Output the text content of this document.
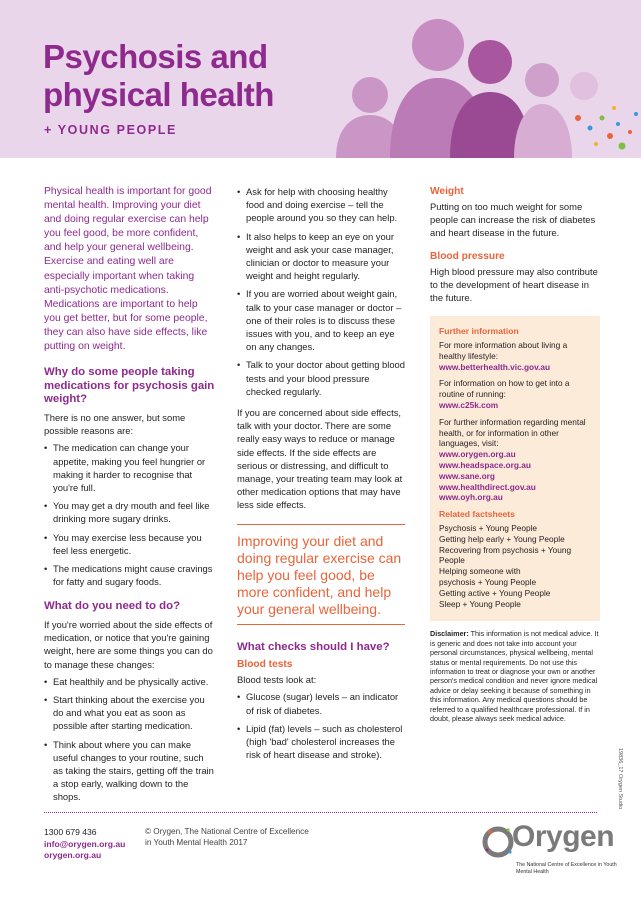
Psychosis and
physical health
+ YOUNG PEOPLE

Physical health is important for good mental health. Improving your diet and doing regular exercise can help you feel good, be more confident, and help your general wellbeing. Exercise and eating well are especially important when taking anti-psychotic medications. Medications are important to help you get better, but for some people, they can also have side effects, like putting on weight.

Why do some people taking medications for psychosis gain weight?

There is no one answer, but some possible reasons are:

• The medication can change your appetite, making you feel hungrier or making it harder to recognise that you're full.
• You may get a dry mouth and feel like drinking more sugary drinks.
• You may exercise less because you feel less energetic.
• The medications might cause cravings for fatty and sugary foods.
What do you need to do?

If you're worried about the side effects of medication, or notice that you're gaining weight, here are some things you can do to manage these changes:

• Eat healthily and be physically active.
• Start thinking about the exercise you do and what you eat as soon as possible after starting medication.
• Think about where you can make useful changes to your routine, such as taking the stairs, getting off the train a stop early, walking down to the shops.
• Ask for help with choosing healthy food and doing exercise – tell the people around you so they can help.
• It also helps to keep an eye on your weight and ask your case manager, clinician or doctor to measure your weight and height regularly.
• If you are worried about weight gain, talk to your case manager or doctor – one of their roles is to discuss these issues with you, and to keep an eye on any changes.
• Talk to your doctor about getting blood tests and your blood pressure checked regularly.

If you are concerned about side effects, talk with your doctor. There are some really easy ways to reduce or manage side effects. If the side effects are serious or distressing, and difficult to manage, your treating team may look at other medication options that may have less side effects.

Improving your diet and doing regular exercise can help you feel good, be more confident, and help your general wellbeing.
What checks should I have?
Blood tests

Blood tests look at:

• Glucose (sugar) levels – an indicator of risk of diabetes.
• Lipid (fat) levels – such as cholesterol (high 'bad' cholesterol increases the risk of heart disease and stroke).
Weight

Putting on too much weight for some people can increase the risk of diabetes and heart disease in the future.

Blood pressure

High blood pressure may also contribute to the development of heart disease in the future.

Further information
For more information about living a healthy lifestyle:
www.betterhealth.vic.gov.au
For information on how to get into a routine of running:
www.c25k.com
For further information regarding mental health, or for information in other languages, visit:
www.orygen.org.au
www.headspace.org.au
www.sane.org
www.healthdirect.gov.au
www.oyh.org.au
Related factsheets
Psychosis + Young People
Getting help early + Young People
Recovering from psychosis + Young People
Helping someone with
psychosis + Young People
Getting active + Young People
Sleep + Young People
Disclaimer: This information is not medical advice. It is generic and does not take into account your personal circumstances, physical wellbeing, mental status or mental requirements. Do not use this information to treat or diagnose your own or another person's medical condition and never ignore medical advice or delay seeking it because of something in this information. Any medical questions should be referred to a qualified healthcare professional. If in doubt, please always seek medical advice.
19836_17 Orygen Studio
1300 679 436
info@orygen.org.au
orygen.org.au
© Orygen, The National Centre of Excellence in Youth Mental Health 2017	Orygen
The National Centre of Excellence in Youth Mental Health
